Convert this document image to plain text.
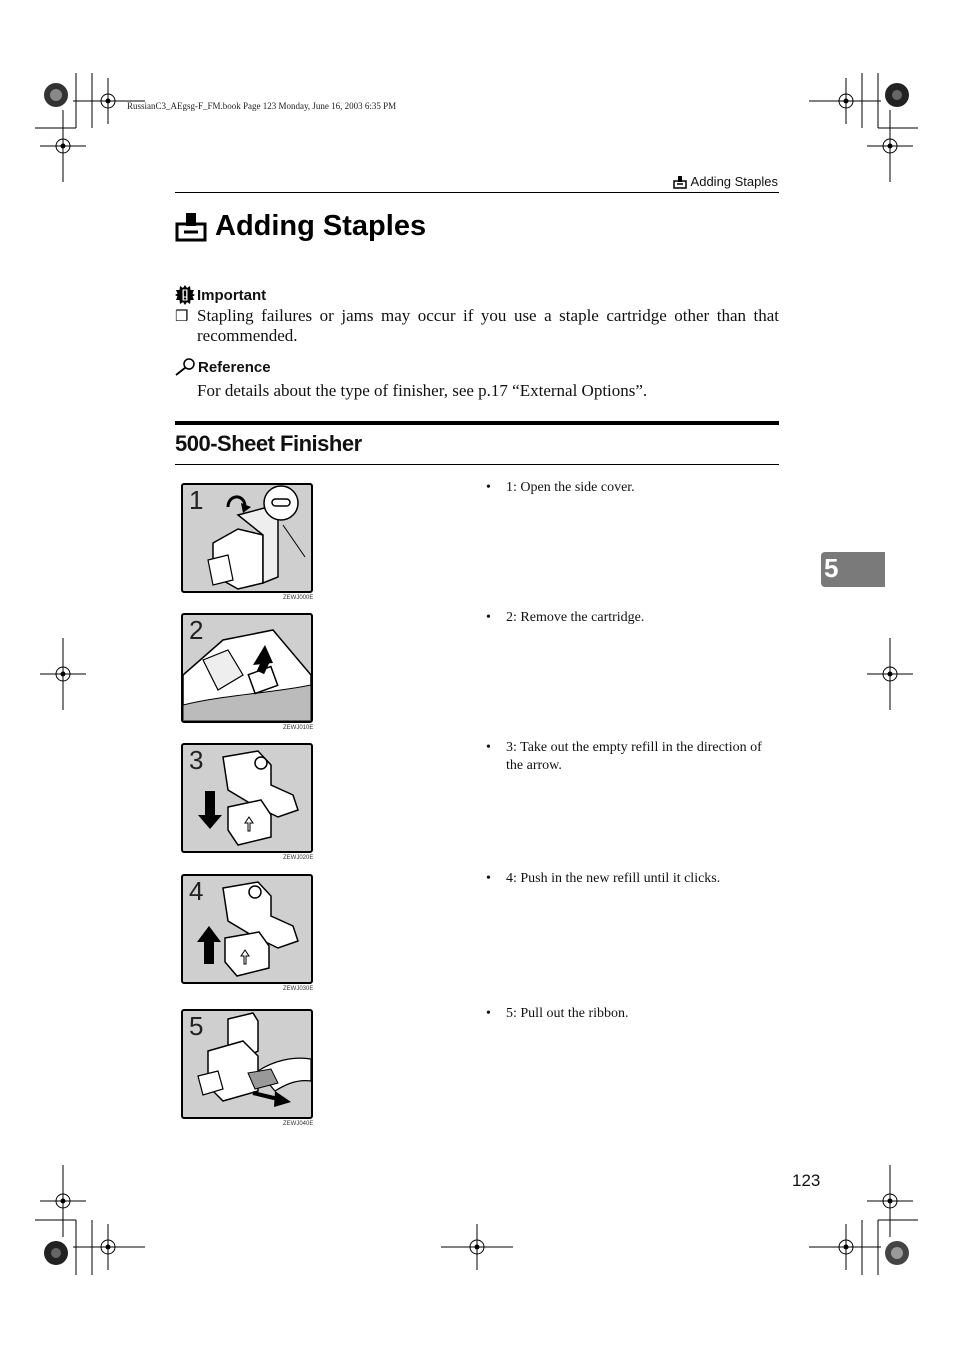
RussianC3_AEgsg-F_FM.book Page 123 Monday, June 16, 2003 6:35 PM
Adding Staples
Adding Staples
Important
❒ Stapling failures or jams may occur if you use a staple cartridge other than that recommended.
Reference
For details about the type of finisher, see p.17 “External Options”.
500-Sheet Finisher
1
ZEWJ000E
•	1: Open the side cover.
2
ZEWJ010E
•	2: Remove the cartridge.
3
ZEWJ020E
•	3: Take out the empty refill in the direction of the arrow.
4
ZEWJ030E
•	4: Push in the new refill until it clicks.
5
ZEWJ040E
•	5: Pull out the ribbon.
5
123
